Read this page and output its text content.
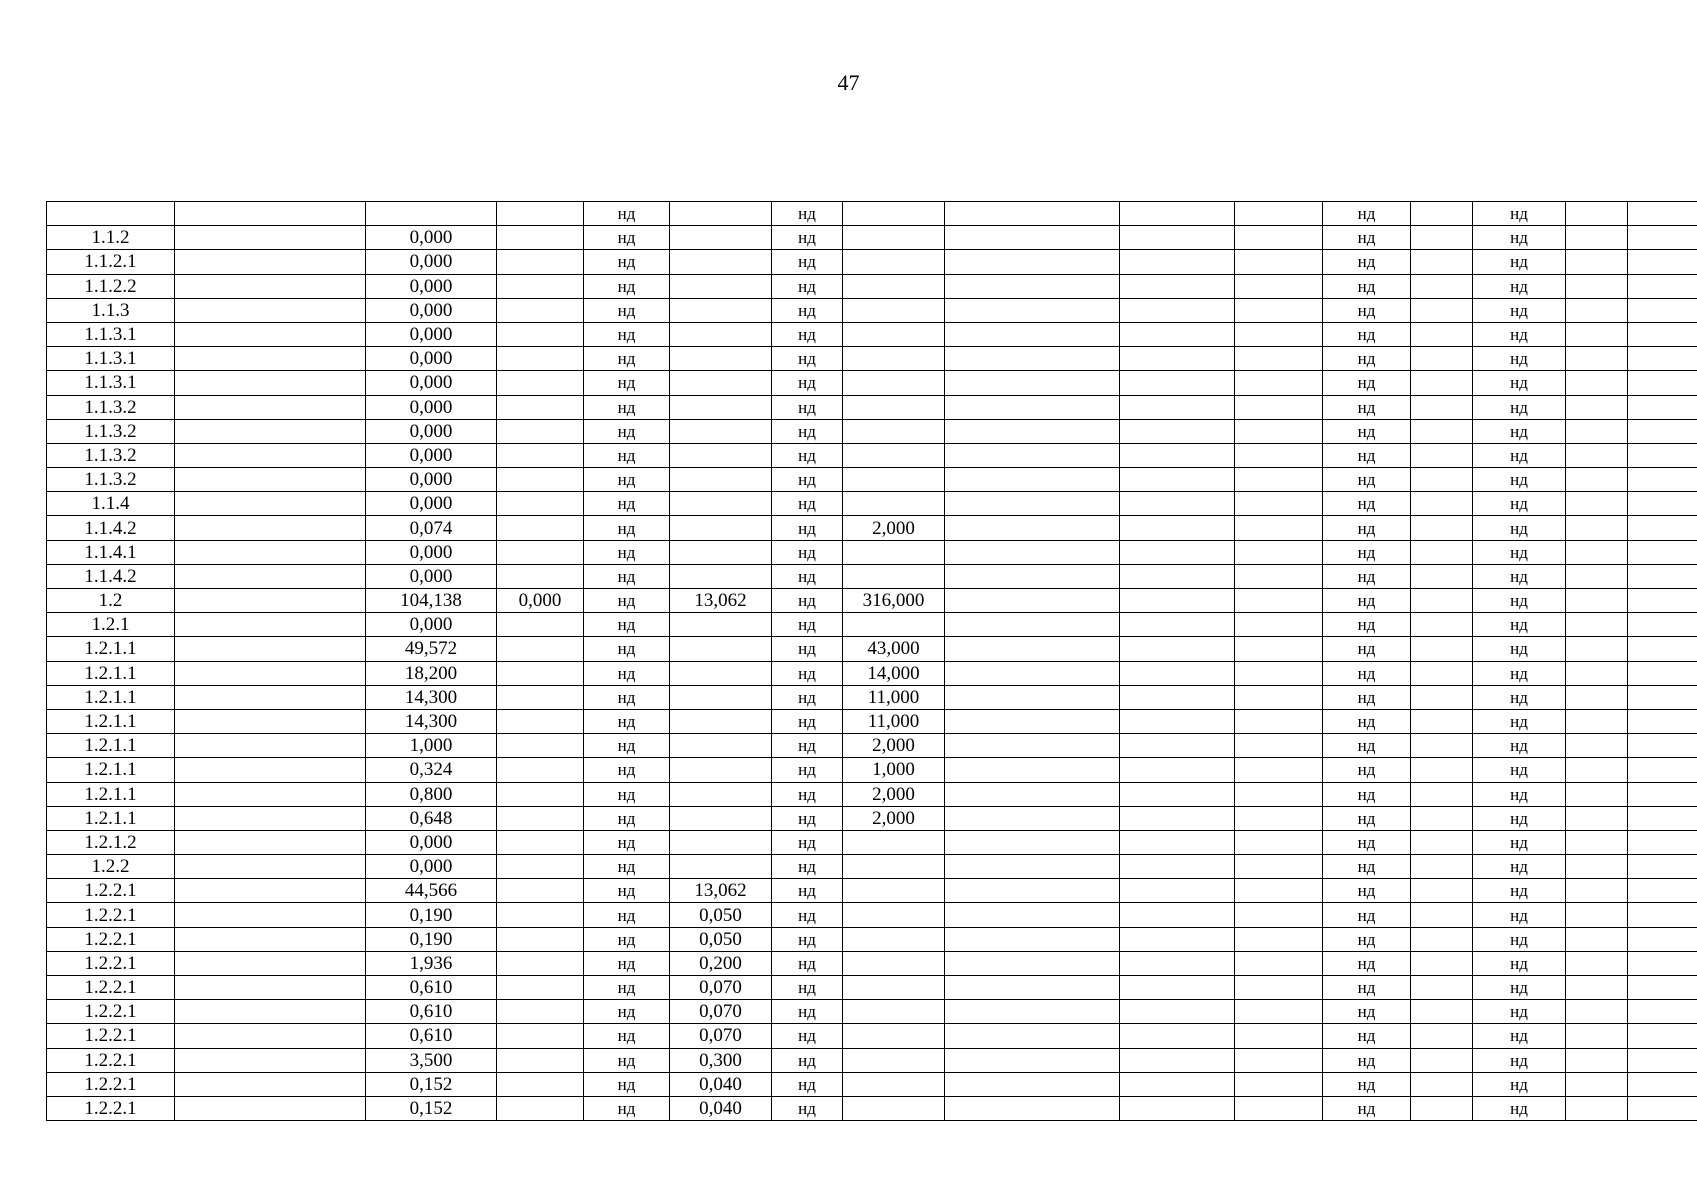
47
				нд		нд					нд		нд		
1.1.2		0,000		нд		нд					нд		нд		
1.1.2.1		0,000		нд		нд					нд		нд		
1.1.2.2		0,000		нд		нд					нд		нд		
1.1.3		0,000		нд		нд					нд		нд		
1.1.3.1		0,000		нд		нд					нд		нд		
1.1.3.1		0,000		нд		нд					нд		нд		
1.1.3.1		0,000		нд		нд					нд		нд		
1.1.3.2		0,000		нд		нд					нд		нд		
1.1.3.2		0,000		нд		нд					нд		нд		
1.1.3.2		0,000		нд		нд					нд		нд		
1.1.3.2		0,000		нд		нд					нд		нд		
1.1.4		0,000		нд		нд					нд		нд		
1.1.4.2		0,074		нд		нд	2,000				нд		нд		
1.1.4.1		0,000		нд		нд					нд		нд		
1.1.4.2		0,000		нд		нд					нд		нд		
1.2		104,138	0,000	нд	13,062	нд	316,000				нд		нд		
1.2.1		0,000		нд		нд					нд		нд		
1.2.1.1		49,572		нд		нд	43,000				нд		нд		
1.2.1.1		18,200		нд		нд	14,000				нд		нд		
1.2.1.1		14,300		нд		нд	11,000				нд		нд		
1.2.1.1		14,300		нд		нд	11,000				нд		нд		
1.2.1.1		1,000		нд		нд	2,000				нд		нд		
1.2.1.1		0,324		нд		нд	1,000				нд		нд		
1.2.1.1		0,800		нд		нд	2,000				нд		нд		
1.2.1.1		0,648		нд		нд	2,000				нд		нд		
1.2.1.2		0,000		нд		нд					нд		нд		
1.2.2		0,000		нд		нд					нд		нд		
1.2.2.1		44,566		нд	13,062	нд					нд		нд		
1.2.2.1		0,190		нд	0,050	нд					нд		нд		
1.2.2.1		0,190		нд	0,050	нд					нд		нд		
1.2.2.1		1,936		нд	0,200	нд					нд		нд		
1.2.2.1		0,610		нд	0,070	нд					нд		нд		
1.2.2.1		0,610		нд	0,070	нд					нд		нд		
1.2.2.1		0,610		нд	0,070	нд					нд		нд		
1.2.2.1		3,500		нд	0,300	нд					нд		нд		
1.2.2.1		0,152		нд	0,040	нд					нд		нд		
1.2.2.1		0,152		нд	0,040	нд					нд		нд		
